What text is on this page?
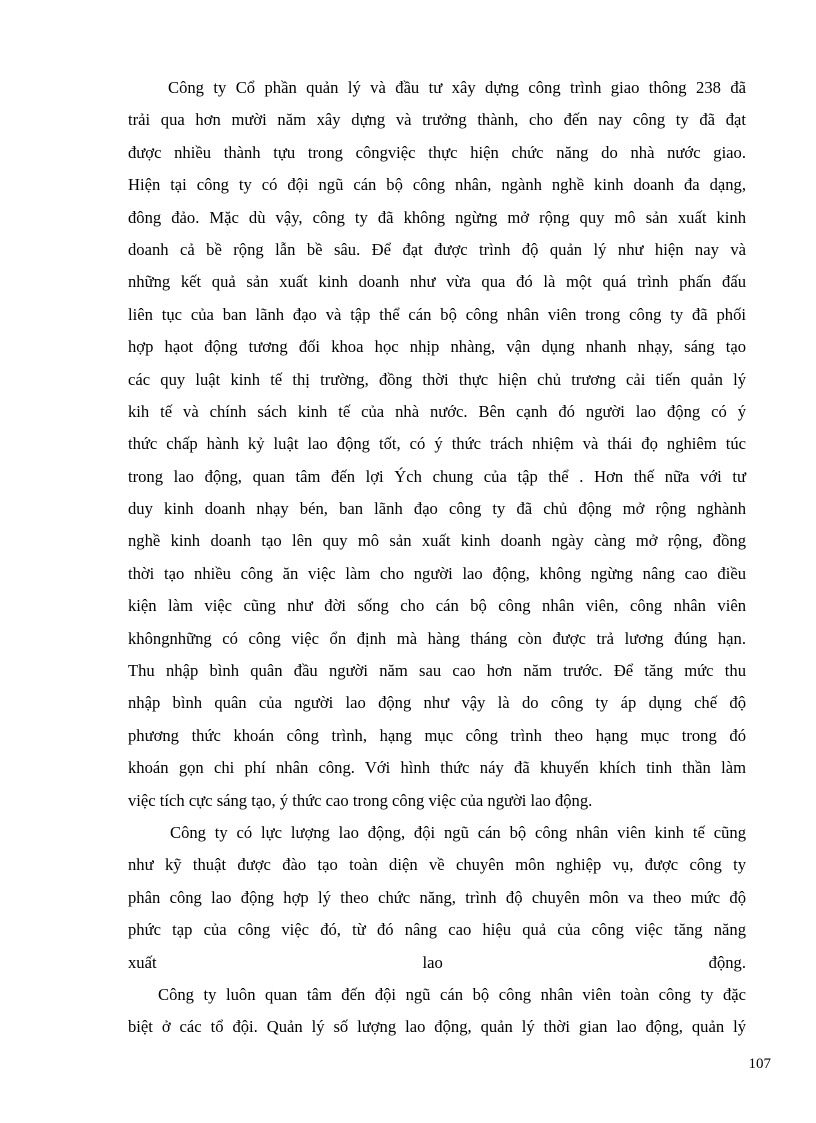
Công ty Cổ phần quản lý và đầu tư xây dựng công trình giao thông 238 đã
trải qua hơn mười năm xây dựng và trưởng thành, cho đến nay công ty đã đạt
được nhiều thành tựu trong côngviệc thực hiện chức năng do nhà nước giao.
Hiện tại công ty có đội ngũ cán bộ công nhân, ngành nghề kinh doanh đa dạng,
đông đảo. Mặc dù vậy, công ty đã không ngừng mở rộng quy mô sản xuất kinh
doanh cả bề rộng lẫn bề sâu. Để đạt được trình độ quản lý như hiện nay và
những kết quả sản xuất kinh doanh như vừa qua đó là một quá trình phấn đấu
liên tục của ban lãnh đạo và tập thể cán bộ công nhân viên trong công ty đã phối
hợp hạot động tương đối khoa học nhịp nhàng, vận dụng nhanh nhạy, sáng tạo
các quy luật kinh tế thị trường, đồng thời thực hiện chủ trương cải tiến quản lý
kih tế và chính sách kinh tế của nhà nước. Bên cạnh đó người lao động có ý
thức chấp hành kỷ luật lao động tốt, có ý thức trách nhiệm và thái đọ nghiêm túc
trong lao động, quan tâm đến lợi Ých chung của tập thể . Hơn thế nữa với tư
duy kinh doanh nhạy bén, ban lãnh đạo công ty đã chủ động mở rộng nghành
nghề kinh doanh tạo lên quy mô sản xuất kinh doanh ngày càng mở rộng, đồng
thời tạo nhiều công ăn việc làm cho người lao động, không ngừng nâng cao điều
kiện làm việc cũng như đời sống cho cán bộ công nhân viên, công nhân viên
khôngnhững có công việc ổn định mà hàng tháng còn được trả lương đúng hạn.
Thu nhập bình quân đầu người năm sau cao hơn năm trước. Để tăng mức thu
nhập bình quân của người lao động như vậy là do công ty áp dụng chế độ
phương thức khoán công trình, hạng mục công trình theo hạng mục trong đó
khoán gọn chi phí nhân công. Với hình thức náy đã khuyến khích tinh thần làm
việc tích cực sáng tạo, ý thức cao trong công việc của người lao động.
Công ty có lực lượng lao động, đội ngũ cán bộ công nhân viên kinh tế cũng
như kỹ thuật được đào tạo toàn diện về chuyên môn nghiệp vụ, được công ty
phân công lao động hợp lý theo chức năng, trình độ chuyên môn va theo mức độ
phức tạp của công việc đó, từ đó nâng cao hiệu quả của công việc tăng năng
xuất lao động.
Công ty luôn quan tâm đến đội ngũ cán bộ công nhân viên toàn công ty đặc
biệt ở các tổ đội. Quản lý số lượng lao động, quản lý thời gian lao động, quản lý
107
